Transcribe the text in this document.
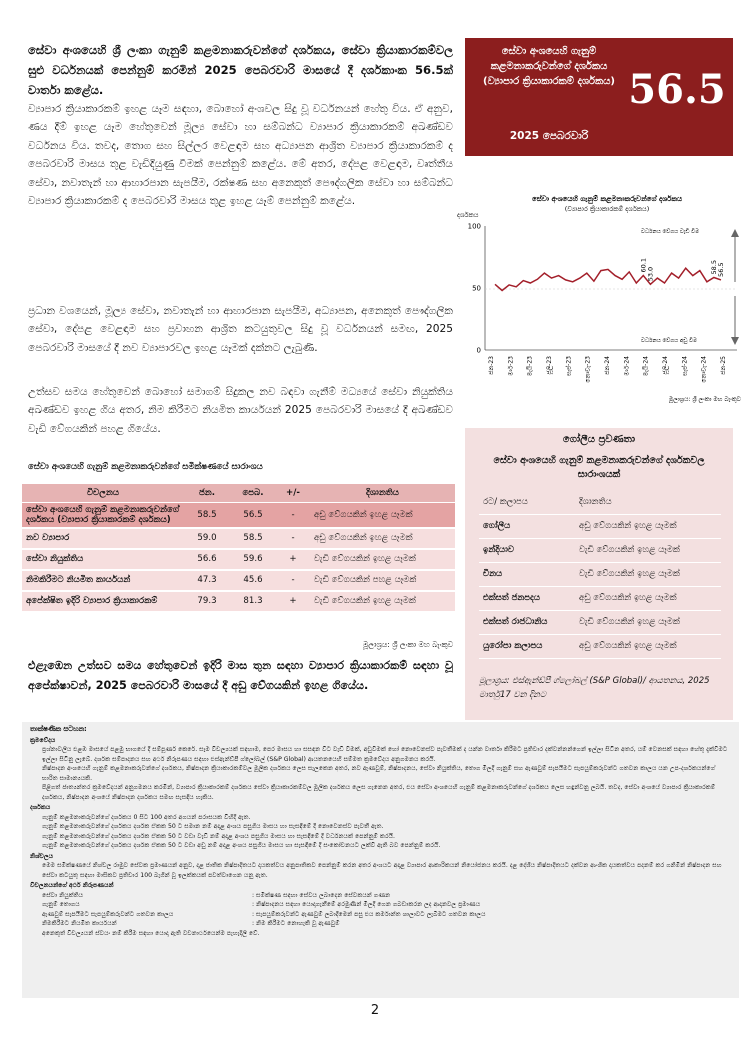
සේවා අංශයෙහි ශ්‍රී ලංකා ගැනුම් කළමනාකරුවන්ගේ දර්ශකය, සේවා ක්‍රියාකාරකම්වල සුළු වර්ධනයක් පෙන්නුම් කරමින් 2025 පෙබරවාරි මාසයේ දී දර්ශකාංක 56.5ක් වාර්තා කළේය.
ව්‍යාපාර ක්‍රියාකාරකම් ඉහළ යෑම සඳහා, බොහෝ අංශවල සිදු වූ වර්ධනයන් හේතු විය. ඒ අනුව, ණය දීම් ඉහළ යෑම හේතුවෙන් මූල්‍ය සේවා හා සම්බන්ධ ව්‍යාපාර ක්‍රියාකාරකම් අඛණ්ඩව වර්ධනය විය. තවද, තොග සහ සිල්ලර වෙළඳාම සහ අධ්‍යාපන ආශ්‍රිත ව්‍යාපාර ක්‍රියාකාරකම් ද පෙබරවාරි මාසය තුළ වැඩිදියුණු වීමක් පෙන්නුම් කළේය. මේ අතර, දේපළ වෙළඳාම, වෘත්තීය සේවා, නවාතැන් හා ආහාරපාන සැපයීම, රක්ෂණ සහ අනෙකුත් පෞද්ගලික සේවා හා සම්බන්ධ ව්‍යාපාර ක්‍රියාකාරකම් ද පෙබරවාරි මාසය තුළ ඉහළ යෑම් පෙන්නුම් කළේය.
ප්‍රධාන වශයෙන්, මූල්‍ය සේවා, නවාතැන් හා ආහාරපාන සැපයීම, අධ්‍යාපන, අනෙකුත් පෞද්ගලික සේවා, දේපළ වෙළඳාම සහ ප්‍රවාහන ආශ්‍රිත කටයුතුවල සිදු වූ වර්ධනයන් සමඟ, 2025 පෙබරවාරි මාසයේ දී නව ව්‍යාපාරවල ඉහළ යෑමක් දක්නට ලැබුණි.
උත්සව සමය හේතුවෙන් බොහෝ සමාගම් සිදුකල නව බඳවා ගැනීම් මධ්‍යයේ සේවා නියුක්තිය අඛණ්ඩව ඉහළ ගිය අතර, නිම කිරීමට නියමිත කාර්යයන් 2025 පෙබරවාරි මාසයේ දී අඛණ්ඩව වැඩි වේගයකින් පහළ ගියේය.
සේවා අංශයෙහි ගැනුම් කළමනාකරුවන්ගේ දර්ශකය (ව්‍යාපාර ක්‍රියාකාරකම් දර්ශකය)
2025 පෙබරවාරි
56.5
සේවා අංශයෙහි ගැනුම් කළමනාකරුවන්ගේ දර්ශකය
(ව්‍යාපාර ක්‍රියාකාරකම් දර්ශකය)
දර්ශකය
0
50
100
වර්ධනය වේගය වැඩි වීම
වර්ධනය වේගය අඩු වීම
60.1
53.0	58.5 56.5
ජන-23 මාර්-23 මැයි-23 ජූලි-23 සැප්-23 නොවැ-23 ජන-24 මාර්-24 මැයි-24 ජූලි-24 සැප්-24 නොවැ-24 ජන-25
මූලාශ්‍රය: ශ්‍රී ලංකා මහ බැංකුව
සේවා අංශයෙහි ගැනුම් කළමනාකරුවන්ගේ සමීක්ෂණයේ සාරාංශය
විචලනය	ජන.	පෙබ.	+/-	දිශානතිය
සේවා අංශයෙහි ගැනුම් කළමනාකරුවන්ගේ දර්ශකය (ව්‍යාපාර ක්‍රියාකාරකම් දර්ශකය)	58.5	56.5	-	අඩු වේගයකින් ඉහළ යෑමක්
නව ව්‍යාපාර	59.0	58.5	-	අඩු වේගයකින් ඉහළ යෑමක්
සේවා නියුක්තිය	56.6	59.6	+	වැඩි වේගයකින් ඉහළ යෑමක්
නිමකිරීමට නියමිත කාර්යයන්	47.3	45.6	-	වැඩි වේගයකින් පහළ යෑමක්
අපේක්ෂිත ඉදිරි ව්‍යාපාර ක්‍රියාකාරකම්	79.3	81.3	+	වැඩි වේගයකින් ඉහළ යෑමක්
මූලාශ්‍රය: ශ්‍රී ලංකා මහ බැංකුව
එළැඹෙන උත්සව සමය හේතුවෙන් ඉදිරි මාස තුන සඳහා ව්‍යාපාර ක්‍රියාකාරකම් සඳහා වූ අපේක්ෂාවන්, 2025 පෙබරවාරි මාසයේ දී අඩු වේගයකින් ඉහළ ගියේය.
ගෝලීය ප්‍රවණතා
සේවා අංශයෙහි ගැනුම් කළමනාකරුවන්ගේ දර්ශකවල සාරාංශයක්
රට/ කලාපය	දිශානතිය
ගෝලීය	අඩු වේගයකින් ඉහළ යෑමක්
ඉන්දියාව	වැඩි වේගයකින් ඉහළ යෑමක්
චීනය	වැඩි වේගයකින් ඉහළ යෑමක්
එක්සත් ජනපදය	අඩු වේගයකින් ඉහළ යෑමක්
එක්සත් රාජධානිය	වැඩි වේගයකින් ඉහළ යෑමක්
යුරෝපා කලාපය	අඩු වේගයකින් ඉහළ යෑමක්
මූලාශ්‍රය: එස්ඇන්ඩ්පී ග්ලෝබල් (S&P Global)/ ආයතනය, 2025 මාර්තු17 වන දිනට
තාක්ෂණික සටහන:
ක්‍රමවේදය

ප්‍රශ්නාවලිය එළඹ මාසයේ පළමු භාගයේ දී සම්පූර්ණ කෙරේ. සෑම විචල්‍යයක් සඳහාම, පෙර මාසය හා සසඳන විට වැඩි වීමක්, අඩුවීමක් හෝ නොවෙනස්ව පැවතීමක් ද යන්න වාර්තා කිරීමට ප්‍රතිචාර දක්වන්නන්ගෙන් ඉල්ලා සිටින අතර, යම් වෙනසක් සඳහා හේතු දැක්වීමට ඉල්ලා සිටිනු ලැබේ. දර්ශක සම්පාදනය සහ අර්ථ නිරූපණය සඳහා එස්ඇන්ඩ්පී ග්ලෝබල් (S&P Global) ආයතනයෙහි සම්මත ක්‍රමවේදය අනුගමනය කරයි.

නිෂ්පාදන අංශයෙහි ගැනුම් කළමනාකරුවන්ගේ දර්ශකය, නිෂ්පාදන ක්‍රියාකාරකම්වල මූලික දර්ශකය ලෙස සැලකෙන අතර, නව ඇණවුම්, නිෂ්පාදනය, සේවා නියුක්තිය, තොග මිලදී ගැනුම් සහ ඇණවුම් සැපයීමට සැපයුම්කරුවන්ට ගතවන කාලය යන උප-දර්ශකයන්ගේ භාරිත සාමාන්‍යයකි.

පිළිගත් ජාත්‍යන්තර ක්‍රමවේදයන් අනුගමනය කරමින්, ව්‍යාපාර ක්‍රියාකාරකම් දර්ශකය සේවා ක්‍රියාකාරකම්වල මූලික දර්ශකය ලෙස ගැනෙන අතර, එය සේවා අංශයෙහි ගැනුම් කළමනාකරුවන්ගේ දර්ශකය ලෙස හඳුන්වනු ලබයි. තවද, සේවා අංශයේ ව්‍යාපාර ක්‍රියාකාරකම් දර්ශකය, නිෂ්පාදන අංශයේ නිෂ්පාදන දර්ශකය සමඟ සැසඳිය හැකිය.

දර්ශකය

ගැනුම් කළමනාකරුවන්ගේ දර්ශකය 0 සිට 100 අතර අගයන් පරාසයක විහිදී ඇත.

ගැනුම් කළමනාකරුවන්ගේ දර්ශකය දර්ශක ඒකක 50 ට සමාන නම් අදාළ අංශය පසුගිය මාසය හා සැසඳීමේ දී නොවෙනස්ව පැවතී ඇත.

ගැනුම් කළමනාකරුවන්ගේ දර්ශකය දර්ශක ඒකක 50 ට වඩා වැඩි නම් අදාළ අංශය පසුගිය මාසය හා සැසඳීමේ දී වර්ධනයක් පෙන්නුම් කරයි.

ගැනුම් කළමනාකරුවන්ගේ දර්ශකය දර්ශක ඒකක 50 ට වඩා අඩු නම් අදාළ අංශය පසුගිය මාසය හා සැසඳීමේ දී සංකෝචනයට ලක්වී ඇති බව පෙන්නුම් කරයි.

නිශ්චලය

මෙම සමීක්ෂණයේ නිශ්චල රාමුව සේවක ප්‍රමාණයන් අනුව, දළ ජාතික නිෂ්පාදිතයට දායකත්වය අනුපාතිකව පෙන්නුම් කරන අතර අංශයට අදාළ ව්‍යාපාර ආකාරිකයන් නියෝජනය කරයි. දළ දේශීය නිෂ්පාදිතයට දක්වන ආංශික දායකත්වය පදනම් කර ගනිමින් නිෂ්පාදන සහ සේවා කටයුතු සඳහා මාසිකව ප්‍රතිචාර 100 බැගින් වූ ඉලක්කයක් පවත්වාගෙන යනු ඇත.

විචලනයන්ගේ අර්ථ නිරූපණයන්
සේවා නියුක්තිය	: සමීක්ෂණ සඳහා සේවය ලබාදෙන සේවකයන් ගණන
ගැනුම් තොගය	: නිෂ්පාදනය සඳහා යොදාගැනීමේ අරමුණින් මිලදී ගෙන ගබඩාකරන ලද ආදානවල ප්‍රමාණය
ඇණවුම් සැපයීමට සැපයුම්කරුවන්ට ගතවන කාලය	: සැපයුම්කරුවන්ට ඇණවුම් ලබාදීමෙන් පසු එය කර්මාන්ත ශාලාවට ලැබීමට ගතවන කාලය
නිමකිරීමට නියමිත කාර්යයන්	: නිම කිරීමට නොහැකි වූ ඇණවුම්

අනෙකුත් විචල්‍යයන් ස්වයං නම් කිරීම සඳහා යොදා ඇති වචනාර්ථයෙන්ම පැහැදිලි වේ.

2
